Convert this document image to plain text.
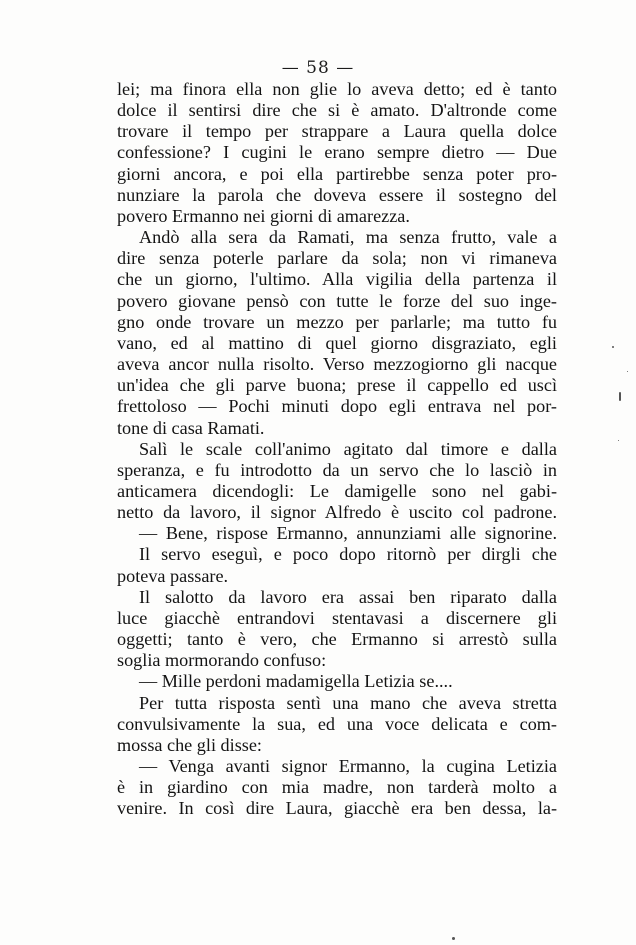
— 58 —
lei; ma finora ella non glie lo aveva detto; ed è tanto
dolce il sentirsi dire che si è amato. D'altronde come
trovare il tempo per strappare a Laura quella dolce
confessione? I cugini le erano sempre dietro — Due
giorni ancora, e poi ella partirebbe senza poter pro-
nunziare la parola che doveva essere il sostegno del
povero Ermanno nei giorni di amarezza.
Andò alla sera da Ramati, ma senza frutto, vale a
dire senza poterle parlare da sola; non vi rimaneva
che un giorno, l'ultimo. Alla vigilia della partenza il
povero giovane pensò con tutte le forze del suo inge-
gno onde trovare un mezzo per parlarle; ma tutto fu
vano, ed al mattino di quel giorno disgraziato, egli
aveva ancor nulla risolto. Verso mezzogiorno gli nacque
un'idea che gli parve buona; prese il cappello ed uscì
frettoloso — Pochi minuti dopo egli entrava nel por-
tone di casa Ramati.
Salì le scale coll'animo agitato dal timore e dalla
speranza, e fu introdotto da un servo che lo lasciò in
anticamera dicendogli: Le damigelle sono nel gabi-
netto da lavoro, il signor Alfredo è uscito col padrone.
— Bene, rispose Ermanno, annunziami alle signorine.
Il servo eseguì, e poco dopo ritornò per dirgli che
poteva passare.
Il salotto da lavoro era assai ben riparato dalla
luce giacchè entrandovi stentavasi a discernere gli
oggetti; tanto è vero, che Ermanno si arrestò sulla
soglia mormorando confuso:
— Mille perdoni madamigella Letizia se....
Per tutta risposta sentì una mano che aveva stretta
convulsivamente la sua, ed una voce delicata e com-
mossa che gli disse:
— Venga avanti signor Ermanno, la cugina Letizia
è in giardino con mia madre, non tarderà molto a
venire. In così dire Laura, giacchè era ben dessa, la-
